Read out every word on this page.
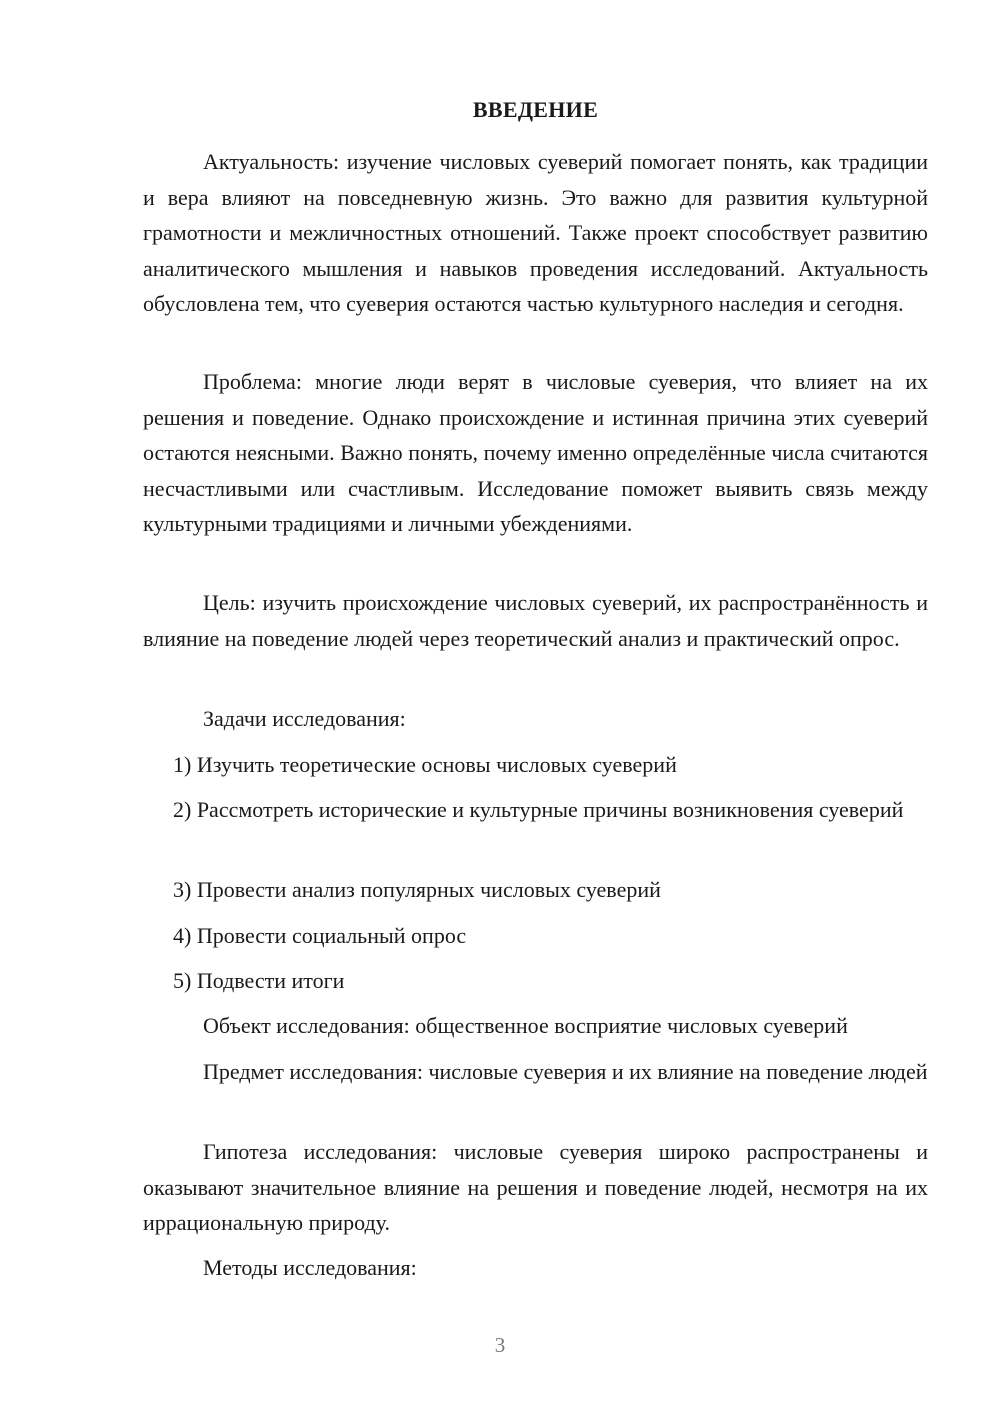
ВВЕДЕНИЕ
Актуальность: изучение числовых суеверий помогает понять, как традиции и вера влияют на повседневную жизнь. Это важно для развития культурной грамотности и межличностных отношений. Также проект способствует развитию аналитического мышления и навыков проведения исследований. Актуальность обусловлена тем, что суеверия остаются частью культурного наследия и сегодня.
Проблема: многие люди верят в числовые суеверия, что влияет на их решения и поведение. Однако происхождение и истинная причина этих суеверий остаются неясными. Важно понять, почему именно определённые числа считаются несчастливыми или счастливым. Исследование поможет выявить связь между культурными традициями и личными убеждениями.
Цель: изучить происхождение числовых суеверий, их распространённость и влияние на поведение людей через теоретический анализ и практический опрос.
Задачи исследования:
1) Изучить теоретические основы числовых суеверий
2) Рассмотреть исторические и культурные причины возникновения суеверий
3) Провести анализ популярных числовых суеверий
4) Провести социальный опрос
5) Подвести итоги
Объект исследования: общественное восприятие числовых суеверий
Предмет исследования: числовые суеверия и их влияние на поведение людей
Гипотеза исследования: числовые суеверия широко распространены и оказывают значительное влияние на решения и поведение людей, несмотря на их иррациональную природу.
Методы исследования:
3
